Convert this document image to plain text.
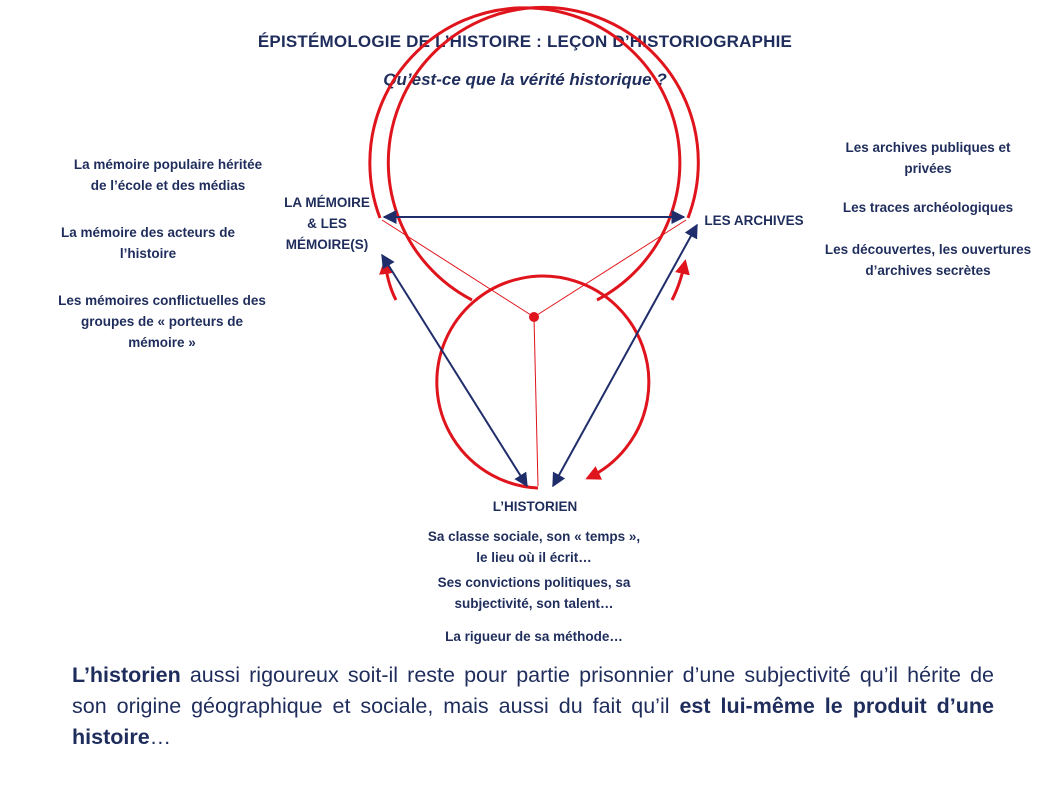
ÉPISTÉMOLOGIE DE L’HISTOIRE : LEÇON D’HISTORIOGRAPHIE
Qu’est-ce que la vérité historique ?
LA MÉMOIRE
& LES
MÉMOIRE(S)
LES ARCHIVES
L’HISTORIEN
La mémoire populaire héritée
de l’école et des médias
La mémoire des acteurs de
l’histoire
Les mémoires conflictuelles des
groupes de « porteurs de
mémoire »
Les archives publiques et
privées
Les traces archéologiques
Les découvertes, les ouvertures
d’archives secrètes
Sa classe sociale, son « temps »,
le lieu où il écrit…
Ses convictions politiques, sa
subjectivité, son talent…
La rigueur de sa méthode…
L’historien aussi rigoureux soit-il reste pour partie prisonnier d’une subjectivité qu’il hérite de son origine géographique et sociale, mais aussi du fait qu’il est lui-même le produit d’une histoire…
